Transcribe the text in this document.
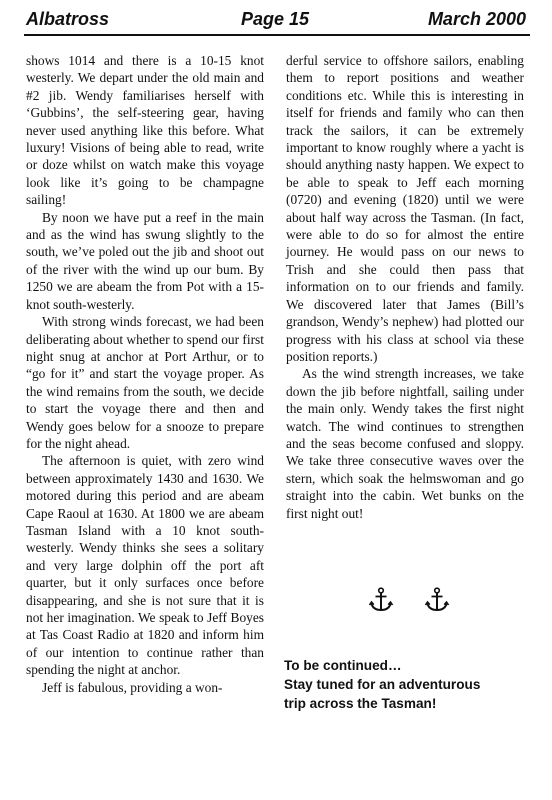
Albatross	Page 15	March 2000

shows 1014 and there is a 10-15 knot westerly. We depart under the old main and #2 jib. Wendy familiarises herself with ‘Gubbins’, the self-steering gear, having never used anything like this before. What luxury! Visions of being able to read, write or doze whilst on watch make this voyage look like it’s going to be champagne sailing!

By noon we have put a reef in the main and as the wind has swung slightly to the south, we’ve poled out the jib and shoot out of the river with the wind up our bum. By 1250 we are abeam the from Pot with a 15-knot south-westerly.

With strong winds forecast, we had been deliberating about whether to spend our first night snug at anchor at Port Arthur, or to “go for it” and start the voyage proper. As the wind remains from the south, we decide to start the voyage there and then and Wendy goes below for a snooze to prepare for the night ahead.

The afternoon is quiet, with zero wind between approximately 1430 and 1630. We motored during this period and are abeam Cape Raoul at 1630. At 1800 we are abeam Tasman Island with a 10 knot south-westerly. Wendy thinks she sees a solitary and very large dolphin off the port aft quarter, but it only surfaces once before disappearing, and she is not sure that it is not her imagination. We speak to Jeff Boyes at Tas Coast Radio at 1820 and inform him of our intention to continue rather than spending the night at anchor.

Jeff is fabulous, providing a won-

derful service to offshore sailors, enabling them to report positions and weather conditions etc. While this is interesting in itself for friends and family who can then track the sailors, it can be extremely important to know roughly where a yacht is should anything nasty happen. We expect to be able to speak to Jeff each morning (0720) and evening (1820) until we were about half way across the Tasman. (In fact, were able to do so for almost the entire journey. He would pass on our news to Trish and she could then pass that information on to our friends and family. We discovered later that James (Bill’s grandson, Wendy’s nephew) had plotted our progress with his class at school via these position reports.)

As the wind strength increases, we take down the jib before nightfall, sailing under the main only. Wendy takes the first night watch. The wind continues to strengthen and the seas become confused and sloppy. We take three consecutive waves over the stern, which soak the helmswoman and go straight into the cabin. Wet bunks on the first night out!

To be continued…
Stay tuned for an adventurous
trip across the Tasman!
